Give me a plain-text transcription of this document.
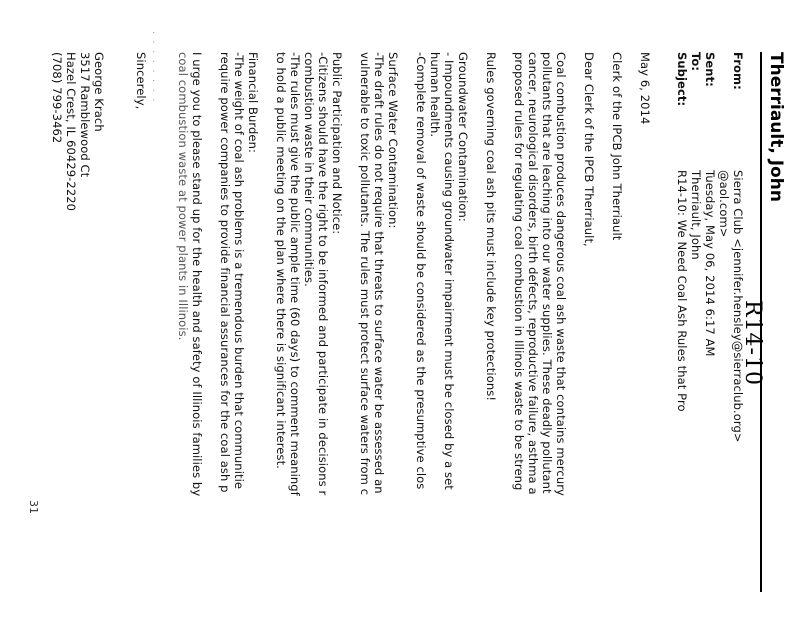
Therriault, John
R14-10
From:
Sierra Club <jennifer.hensley@sierraclub.org>
@aol.com>
Sent:
Tuesday, May 06, 2014 6:17 AM
To:
Therriault, John
Subject:
R14-10: We Need Coal Ash Rules that Pro
May 6, 2014
Clerk of the IPCB John Therriault
Dear Clerk of the IPCB Therriault,
Coal combustion produces dangerous coal ash waste that contains mercury
pollutants that are leaching into our water supplies. These deadly pollutant
cancer, neurological disorders, birth defects, reproductive failure, asthma a
proposed rules for regulating coal combustion in Illinois waste to be streng
Rules governing coal ash pits must include key protections!
Groundwater Contamination:
- Impoundments causing groundwater impairment must be closed by a set
human health.
-Complete removal of waste should be considered as the presumptive clos
Surface Water Contamination:
-The draft rules do not require that threats to surface water be assessed an
vulnerable to toxic pollutants. The rules must protect surface waters from c
Public Participation and Notice:
-Citizens should have the right to be informed and participate in decisions r
combustion waste in their communities.
-The rules must give the public ample time (60 days) to comment meaningf
to hold a public meeting on the plan where there is significant interest.
Financial Burden:
-The weight of coal ash problems is a tremendous burden that communitie
require power companies to provide financial assurances for the coal ash p
I urge you to please stand up for the health and safety of Illinois families by
coal combustion waste at power plants in Illinois.
Sincerely,
George Krach
3517 Ramblewood Ct
Hazel Crest, IL 60429-2220
(708) 799-3462
31
. . . . . . . .
